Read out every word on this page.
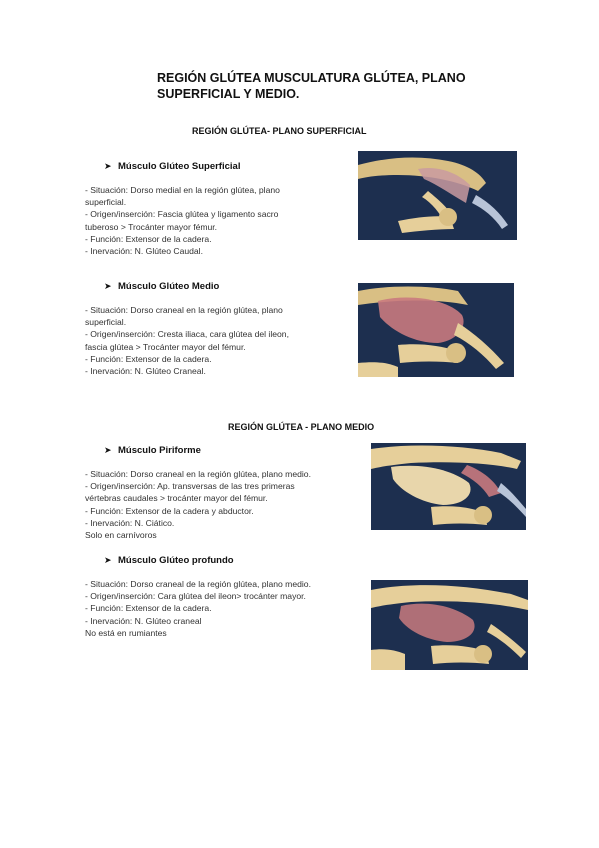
REGIÓN GLÚTEA MUSCULATURA GLÚTEA, PLANO
SUPERFICIAL Y MEDIO.
REGIÓN GLÚTEA- PLANO SUPERFICIAL
➤ Músculo Glúteo Superficial
- Situación: Dorso medial en la región glútea, plano
superficial.
- Origen/inserción: Fascia glútea y ligamento sacro
tuberoso > Trocánter mayor fémur.
- Función: Extensor de la cadera.
- Inervación: N. Glúteo Caudal.
➤ Músculo Glúteo Medio
- Situación: Dorso craneal en la región glútea, plano
superficial.
- Origen/inserción: Cresta iliaca, cara glútea del ileon,
fascia glútea > Trocánter mayor del fémur.
- Función: Extensor de la cadera.
- Inervación: N. Glúteo Craneal.
REGIÓN GLÚTEA - PLANO MEDIO
➤ Músculo Piriforme
- Situación: Dorso craneal en la región glútea, plano medio.
- Origen/inserción: Ap. transversas de las tres primeras
vértebras caudales > trocánter mayor del fémur.
- Función: Extensor de la cadera y abductor.
- Inervación: N. Ciático.
Solo en carnívoros
➤ Músculo Glúteo profundo
- Situación: Dorso craneal de la región glútea, plano medio.
- Origen/inserción: Cara glútea del ileon> trocánter mayor.
- Función: Extensor de la cadera.
- Inervación: N. Glúteo craneal
No está en rumiantes
